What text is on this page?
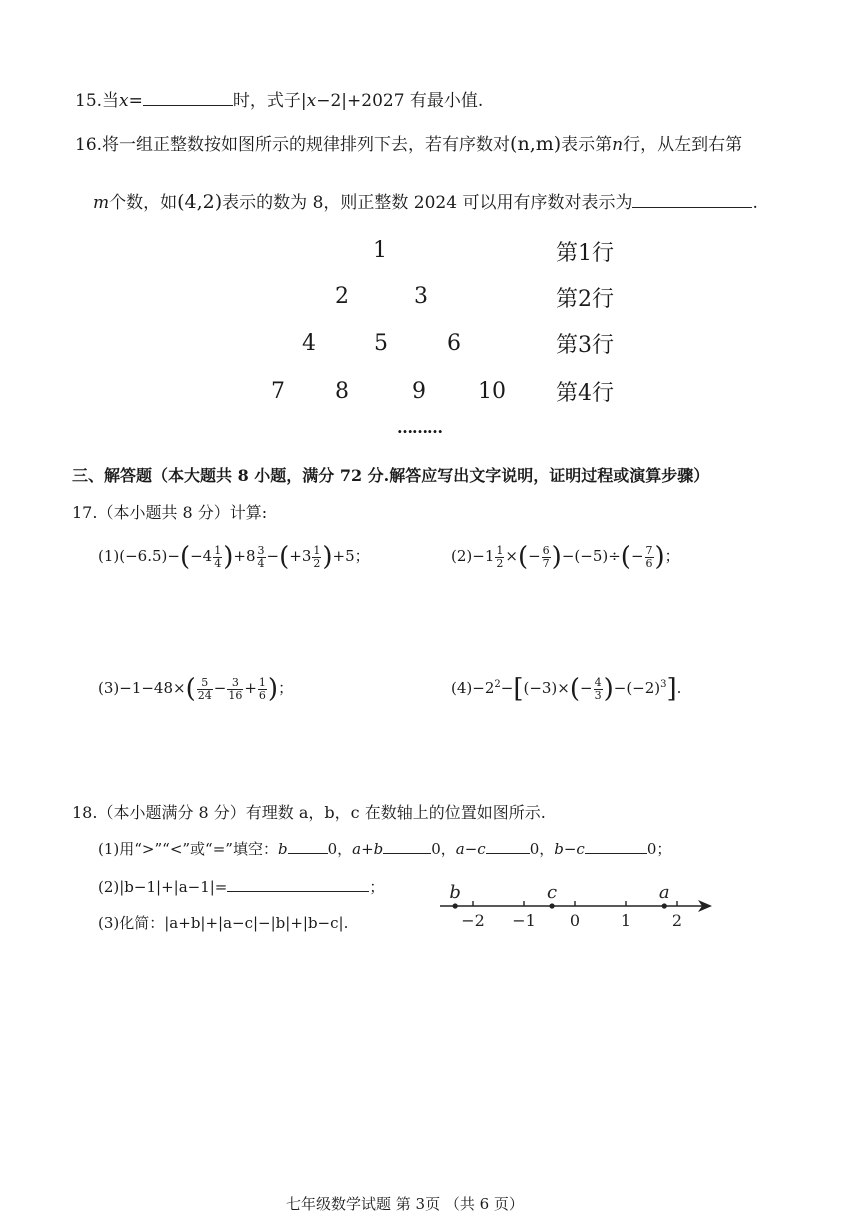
15.当x=	时，式子|x−2|+2027 有最小值.
16.将一组正整数按如图所示的规律排列下去，若有序数对(n,m)表示第n行，从左到右第
m个数，如(4,2)表示的数为 8，则正整数 2024 可以用有序数对表示为	.
1	第1行
2	3	第2行
4	5	6	第3行
7 8	9 10 第4行
………
三、解答题（本大题共 8 小题，满分 72 分.解答应写出文字说明，证明过程或演算步骤）
17.（本小题共 8 分）计算:
$(1)(-6.5)-(-4 \frac{1}{4} )+8 \frac{3}{4} -(+3 \frac{1}{2} )+5$；	$(2)-1 \frac{1}{2}$ ×(− $\frac{6}{7} )-(-5)\div(- \frac{7}{6}$ )；
$(3)-1-48\times( \frac{5}{24} - \frac{3}{16} + \frac{1}{6}$ )；	$(4)-2^2-[(-3)\times(- \frac{4}{3} )-(-2)^3]$.
18.（本小题满分 8 分）有理数 a，b，c 在数轴上的位置如图所示.
(1)用“>”“<”或“=”填空：b	0，a+b	0，a−c	0，b−c	0；
(2)|b−1|+|a−1|=	；
(3)化简：|a+b|+|a−c|−|b|+|b−c|.	−2 −1 0	1	2
b	c	a
七年级数学试题 第 3页 （共 6 页）
